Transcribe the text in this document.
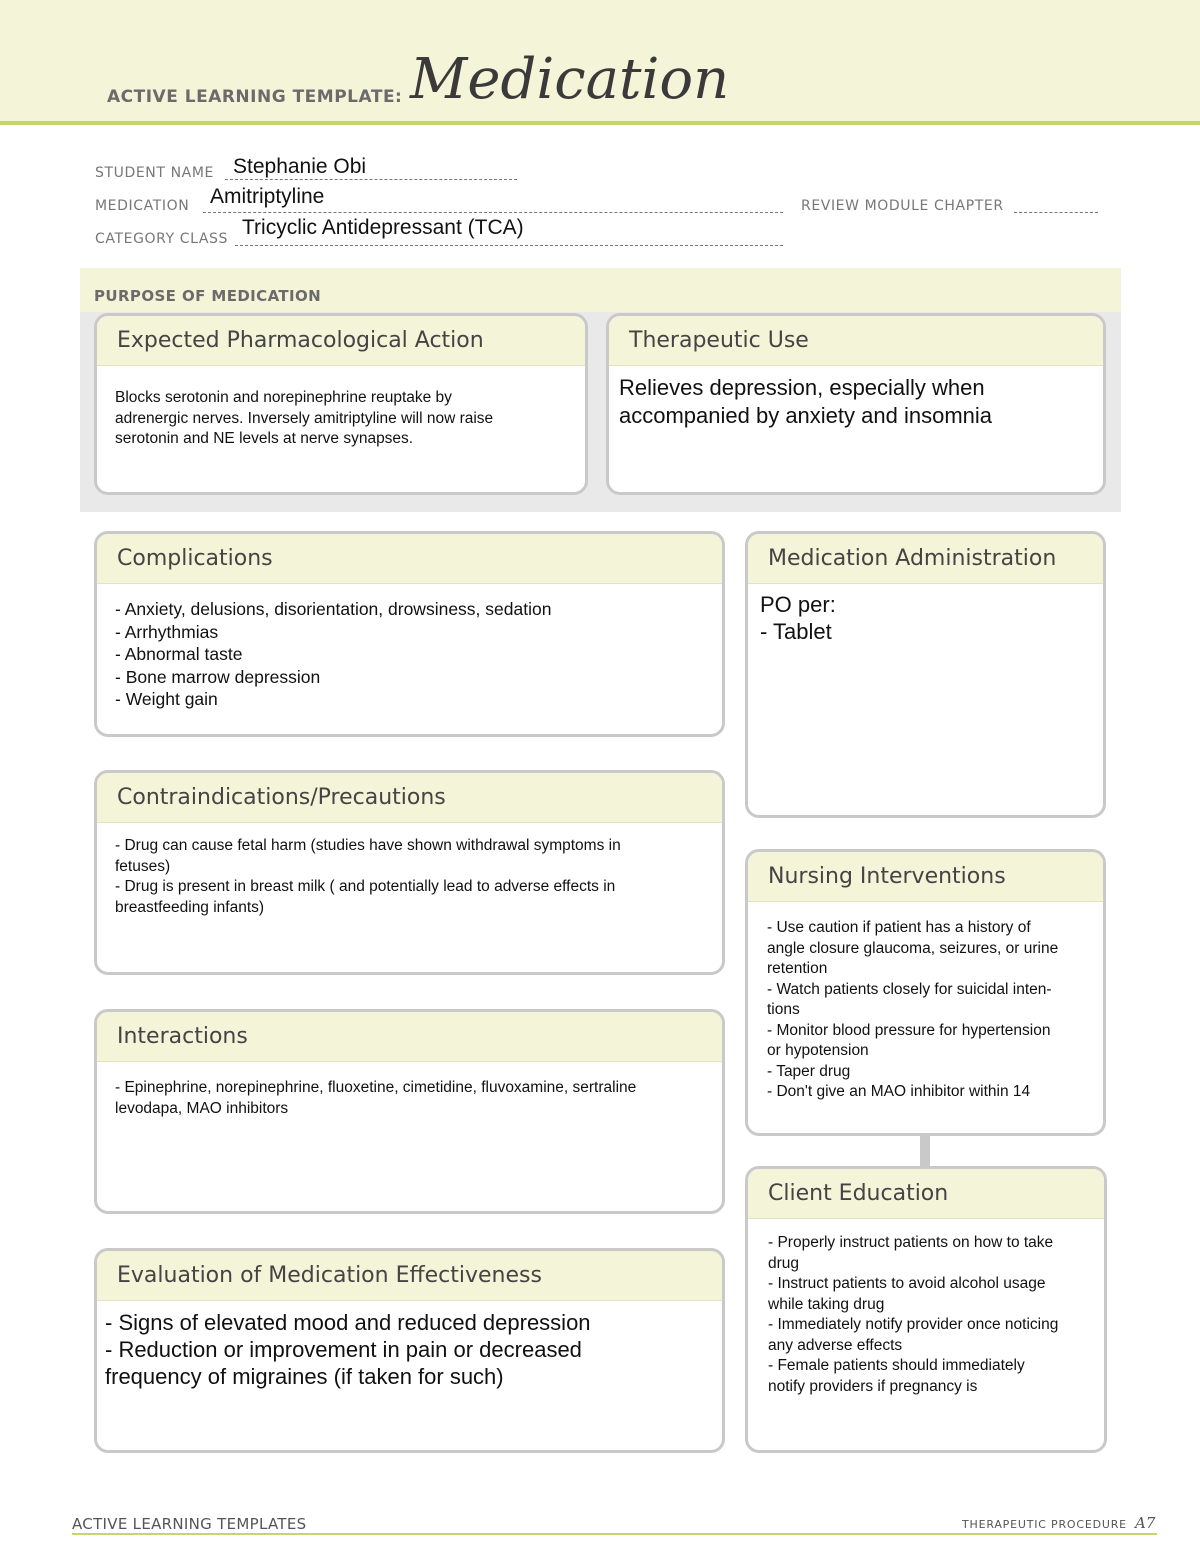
ACTIVE LEARNING TEMPLATE: Medication
STUDENT NAME Stephanie Obi
MEDICATION Amitriptyline	REVIEW MODULE CHAPTER
CATEGORY CLASS Tricyclic Antidepressant (TCA)
PURPOSE OF MEDICATION
Expected Pharmacological Action
Blocks serotonin and norepinephrine reuptake by
adrenergic nerves. Inversely amitriptyline will now raise
serotonin and NE levels at nerve synapses.
Therapeutic Use
Relieves depression, especially when
accompanied by anxiety and insomnia
Complications
- Anxiety, delusions, disorientation, drowsiness, sedation
- Arrhythmias
- Abnormal taste
- Bone marrow depression
- Weight gain
Medication Administration
PO per:
- Tablet
Contraindications/Precautions
- Drug can cause fetal harm (studies have shown withdrawal symptoms in
fetuses)
- Drug is present in breast milk ( and potentially lead to adverse effects in
breastfeeding infants)
Nursing Interventions
- Use caution if patient has a history of
angle closure glaucoma, seizures, or urine
retention
- Watch patients closely for suicidal inten-
tions
- Monitor blood pressure for hypertension
or hypotension
- Taper drug
- Don't give an MAO inhibitor within 14
Interactions
- Epinephrine, norepinephrine, fluoxetine, cimetidine, fluvoxamine, sertraline
levodapa, MAO inhibitors
Client Education
- Properly instruct patients on how to take
drug
- Instruct patients to avoid alcohol usage
while taking drug
- Immediately notify provider once noticing
any adverse effects
- Female patients should immediately
notify providers if pregnancy is
Evaluation of Medication Effectiveness
- Signs of elevated mood and reduced depression
- Reduction or improvement in pain or decreased
frequency of migraines (if taken for such)
ACTIVE LEARNING TEMPLATES	THERAPEUTIC PROCEDURE A7
